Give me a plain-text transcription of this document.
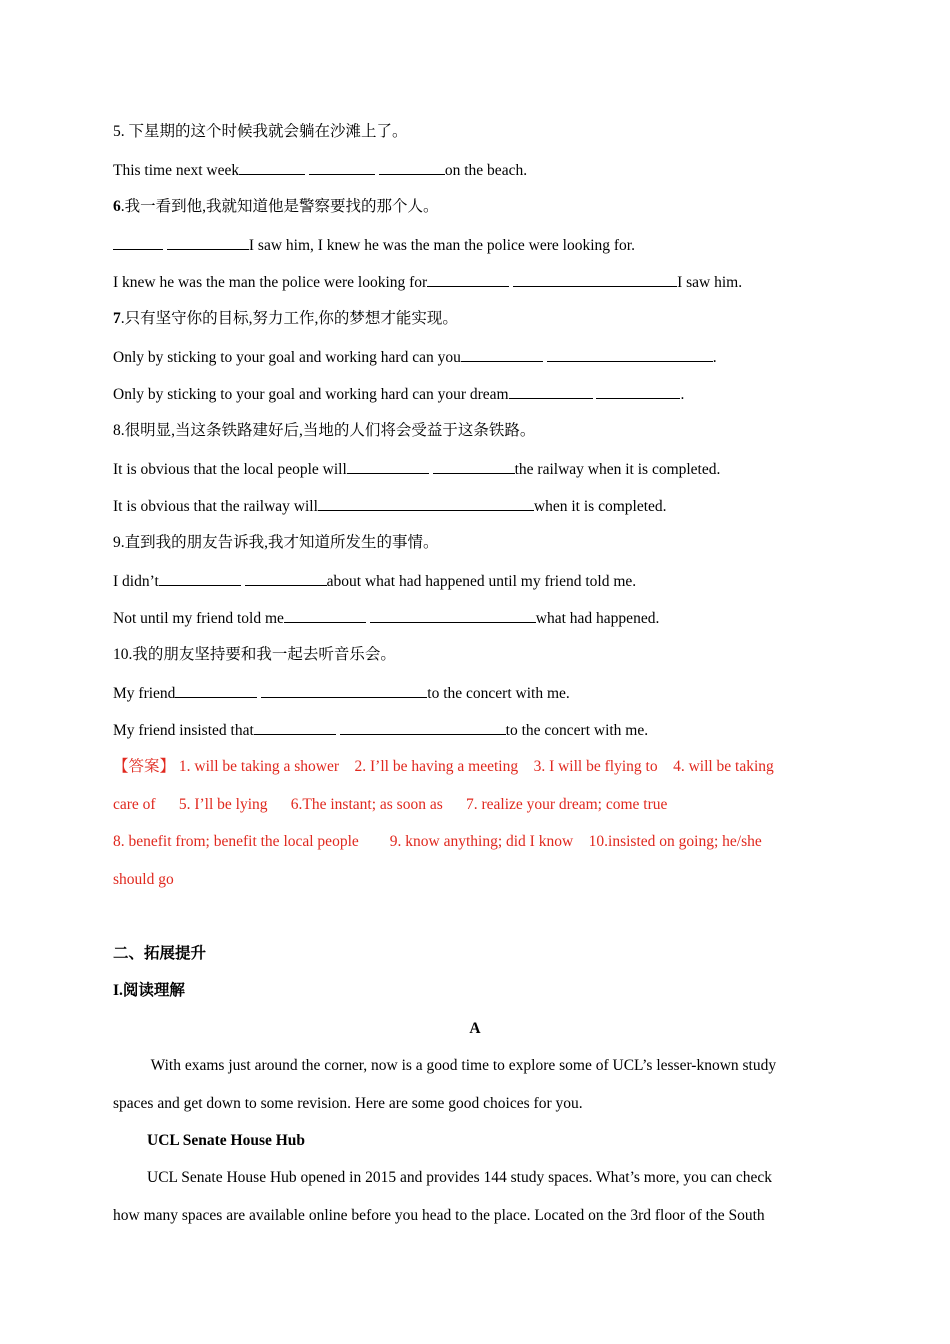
5. 下星期的这个时候我就会躺在沙滩上了。
This time next week	on the beach.
6.我一看到他,我就知道他是警察要找的那个人。
I saw him, I knew he was the man the police were looking for.
I knew he was the man the police were looking for	I saw him.
7.只有坚守你的目标,努力工作,你的梦想才能实现。
Only by sticking to your goal and working hard can you	.
Only by sticking to your goal and working hard can your dream	.
8.很明显,当这条铁路建好后,当地的人们将会受益于这条铁路。
It is obvious that the local people will	the railway when it is completed.
It is obvious that the railway will	when it is completed.
9.直到我的朋友告诉我,我才知道所发生的事情。
I didn’t	about what had happened until my friend told me.
Not until my friend told me	what had happened.
10.我的朋友坚持要和我一起去听音乐会。
My friend	to the concert with me.
My friend insisted that	to the concert with me.
【答案】 1. will be taking a shower    2. I’ll be having a meeting    3. I will be flying to    4. will be taking
care of      5. I’ll be lying      6.The instant; as soon as      7. realize your dream; come true
8. benefit from; benefit the local people        9. know anything; did I know    10.insisted on going; he/she
should go
二、拓展提升
I.阅读理解
A
With exams just around the corner, now is a good time to explore some of UCL’s lesser-known study
spaces and get down to some revision. Here are some good choices for you.
UCL Senate House Hub
UCL Senate House Hub opened in 2015 and provides 144 study spaces. What’s more, you can check
how many spaces are available online before you head to the place. Located on the 3rd floor of the South
